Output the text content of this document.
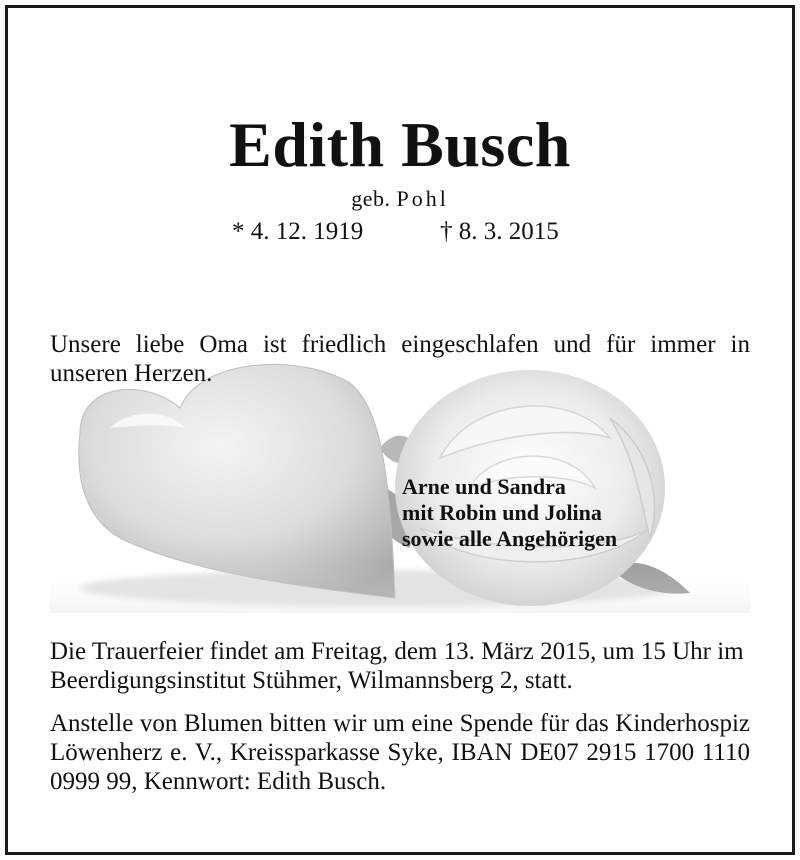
Edith Busch
geb. Pohl
* 4. 12. 1919	† 8. 3. 2015
Unsere liebe Oma ist friedlich eingeschlafen und für immer in unseren Herzen.
Arne und Sandra
mit Robin und Jolina
sowie alle Angehörigen
Die Trauerfeier findet am Freitag, dem 13. März 2015, um 15 Uhr im Beerdigungsinstitut Stühmer, Wilmannsberg 2, statt.
Anstelle von Blumen bitten wir um eine Spende für das Kinderhospiz Löwenherz e. V., Kreissparkasse Syke, IBAN DE07 2915 1700 1110 0999 99, Kennwort: Edith Busch.
